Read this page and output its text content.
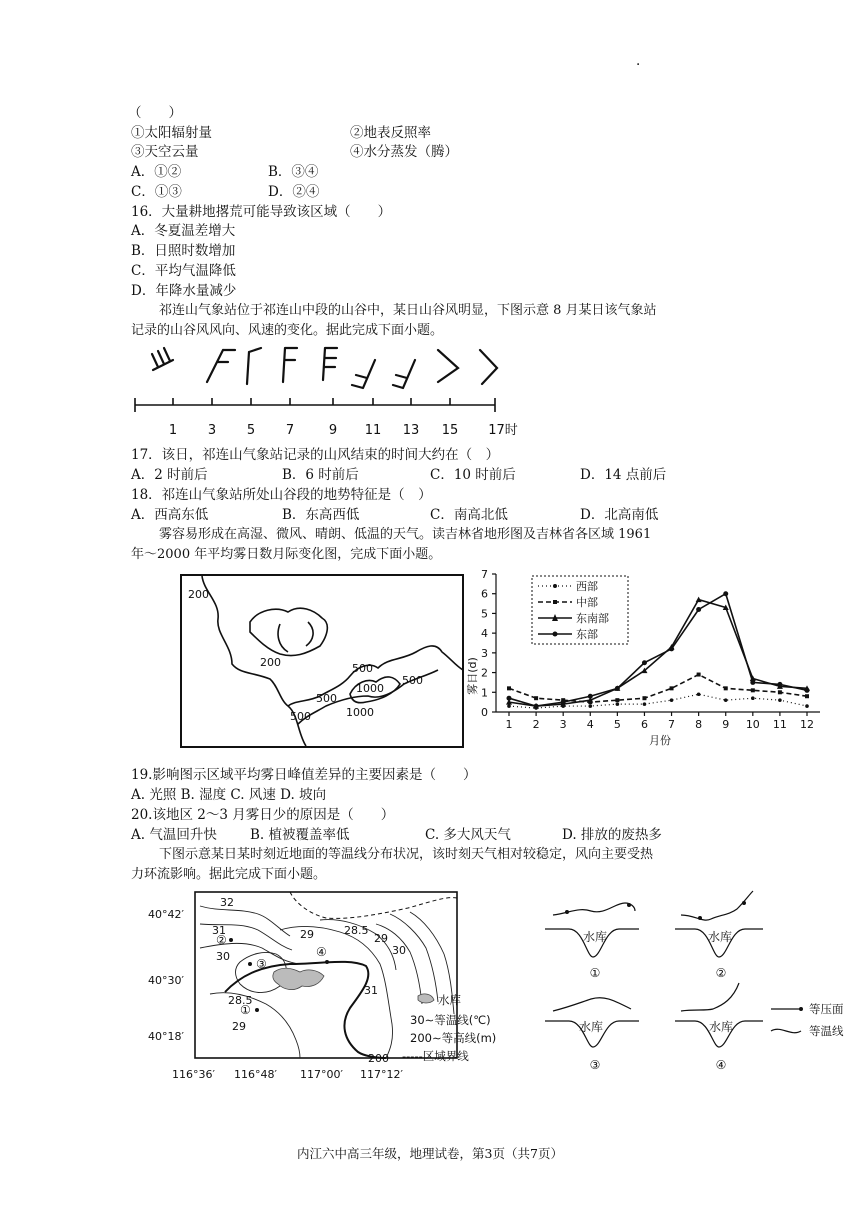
·
（　　）
①太阳辐射量	②地表反照率
③天空云量	④水分蒸发（腾）
A．①②	B．③④
C．①③	D．②④
16．大量耕地撂荒可能导致该区域（　　）
A．冬夏温差增大
B．日照时数增加
C．平均气温降低
D．年降水量减少
祁连山气象站位于祁连山中段的山谷中，某日山谷风明显，下图示意 8 月某日该气象站
记录的山谷风风向、风速的变化。据此完成下面小题。
1 3 5 7	9 11 13 15 17时
17．该日，祁连山气象站记录的山风结束的时间大约在（　）
A．2 时前后	B．6 时前后	C．10 时前后	D．14 点前后
18．祁连山气象站所处山谷段的地势特征是（　）
A．西高东低	B．东高西低	C．南高北低	D．北高南低
雾容易形成在高湿、微风、晴朗、低温的天气。读吉林省地形图及吉林省各区域 1961
年～2000 年平均雾日数月际变化图，完成下面小题。
200
200
500
500
1000
1000
500
500	0
1
2
3
4
5
6
7
1 2 3 4 5 6 7 8 9 10 11 12
西部
中部
东南部
东部
雾日(d)
月份
19.影响图示区域平均雾日峰值差异的主要因素是（　　）
A. 光照 B. 湿度 C. 风速 D. 坡向
20.该地区 2～3 月雾日少的原因是（　　）
A. 气温回升快 B. 植被覆盖率低	C. 多大风天气	D. 排放的废热多
下图示意某日某时刻近地面的等温线分布状况，该时刻天气相对较稳定，风向主要受热
力环流影响。据此完成下面小题。
40°42′
40°30′
40°18′
116°36′ 116°48′ 117°00′ 117°12′
32
31
30
29	28.5
29
30
31
28.5
29
200
①
②
③
④
水库
30∼等温线(℃)
200∼等高线(m)
-----区域界线
水库	水库
水库	水库
①	②
③	④
等压面
等温线
内江六中高三年级，地理试卷，第3页（共7页）
